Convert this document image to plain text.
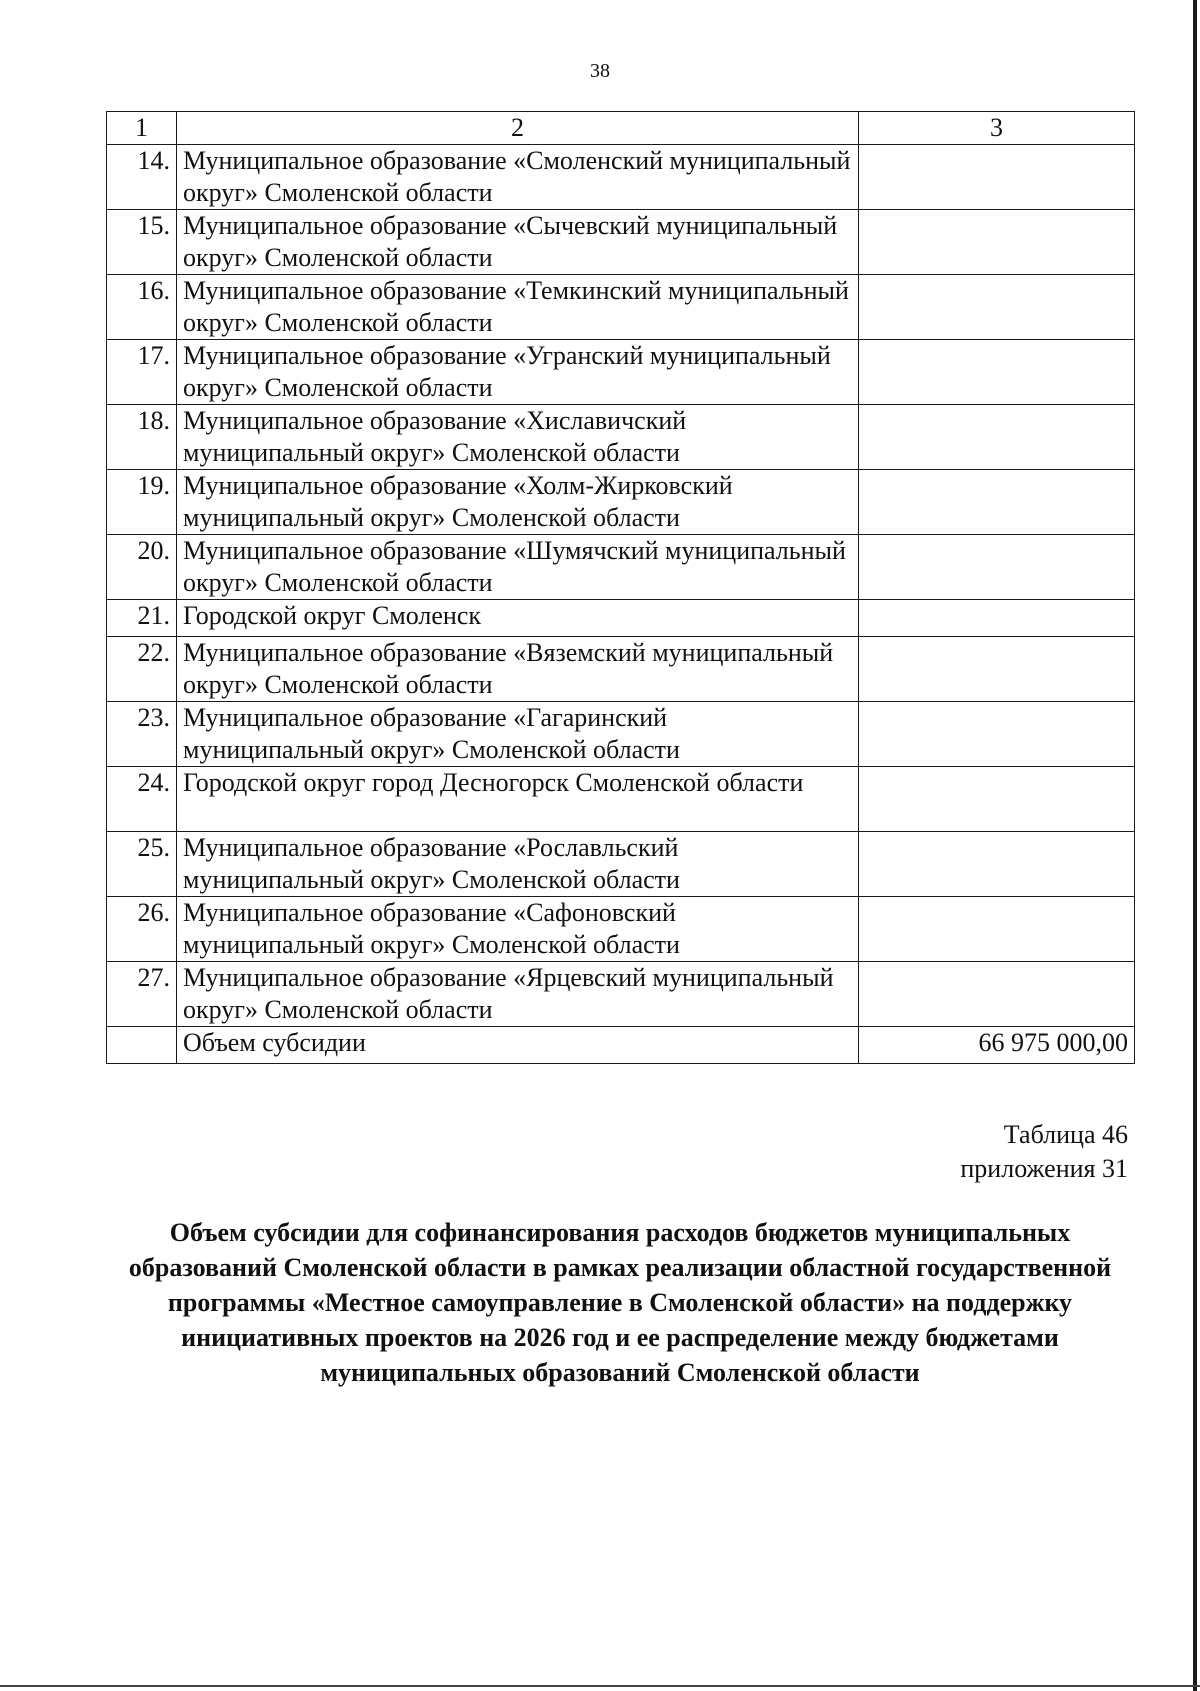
38
1	2	3
14.	Муниципальное образование «Смоленский муниципальный округ» Смоленской области	
15.	Муниципальное образование «Сычевский муниципальный округ» Смоленской области	
16.	Муниципальное образование «Темкинский муниципальный округ» Смоленской области	
17.	Муниципальное образование «Угранский муниципальный округ» Смоленской области	
18.	Муниципальное образование «Хиславичский муниципальный округ» Смоленской области	
19.	Муниципальное образование «Холм-Жирковский муниципальный округ» Смоленской области	
20.	Муниципальное образование «Шумячский муниципальный округ» Смоленской области	
21.	Городской округ Смоленск	
22.	Муниципальное образование «Вяземский муниципальный округ» Смоленской области	
23.	Муниципальное образование «Гагаринский муниципальный округ» Смоленской области	
24.	Городской округ город Десногорск Смоленской области	
25.	Муниципальное образование «Рославльский муниципальный округ» Смоленской области	
26.	Муниципальное образование «Сафоновский муниципальный округ» Смоленской области	
27.	Муниципальное образование «Ярцевский муниципальный округ» Смоленской области	
	Объем субсидии	66 975 000,00
Таблица 46
приложения 31
Объем субсидии для софинансирования расходов бюджетов муниципальных образований Смоленской области в рамках реализации областной государственной программы «Местное самоуправление в Смоленской области» на поддержку инициативных проектов на 2026 год и ее распределение между бюджетами муниципальных образований Смоленской области
